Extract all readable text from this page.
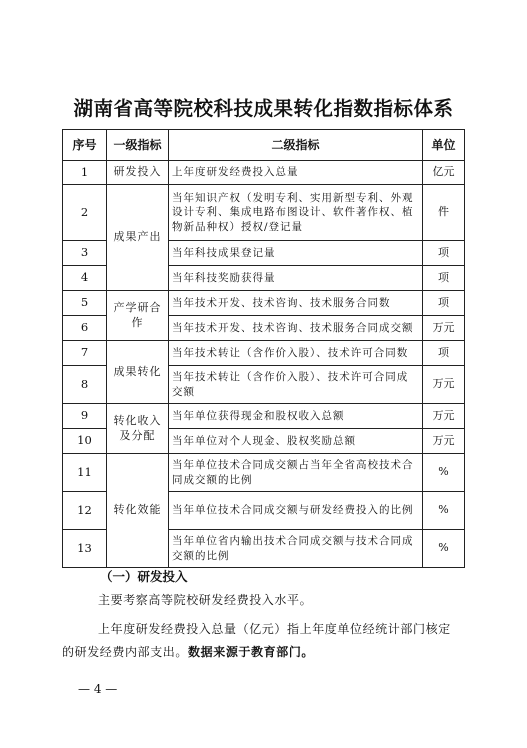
湖南省高等院校科技成果转化指数指标体系
序号	一级指标	二级指标	单位
1	研发投入	上年度研发经费投入总量	亿元
2	成果产出	当年知识产权（发明专利、实用新型专利、外观设计专利、集成电路布图设计、软件著作权、植物新品种权）授权/登记量	件
3		当年科技成果登记量	项
4		当年科技奖励获得量	项
5	产学研合作	当年技术开发、技术咨询、技术服务合同数	项
6		当年技术开发、技术咨询、技术服务合同成交额	万元
7	成果转化	当年技术转让（含作价入股）、技术许可合同数	项
8		当年技术转让（含作价入股）、技术许可合同成交额	万元
9	转化收入及分配	当年单位获得现金和股权收入总额	万元
10		当年单位对个人现金、股权奖励总额	万元
11	转化效能	当年单位技术合同成交额占当年全省高校技术合同成交额的比例	%
12		当年单位技术合同成交额与研发经费投入的比例	%
13		当年单位省内输出技术合同成交额与技术合同成交额的比例	%
（一）研发投入
主要考察高等院校研发经费投入水平。
上年度研发经费投入总量（亿元）指上年度单位经统计部门核定的研发经费内部支出。数据来源于教育部门。
— 4 —
